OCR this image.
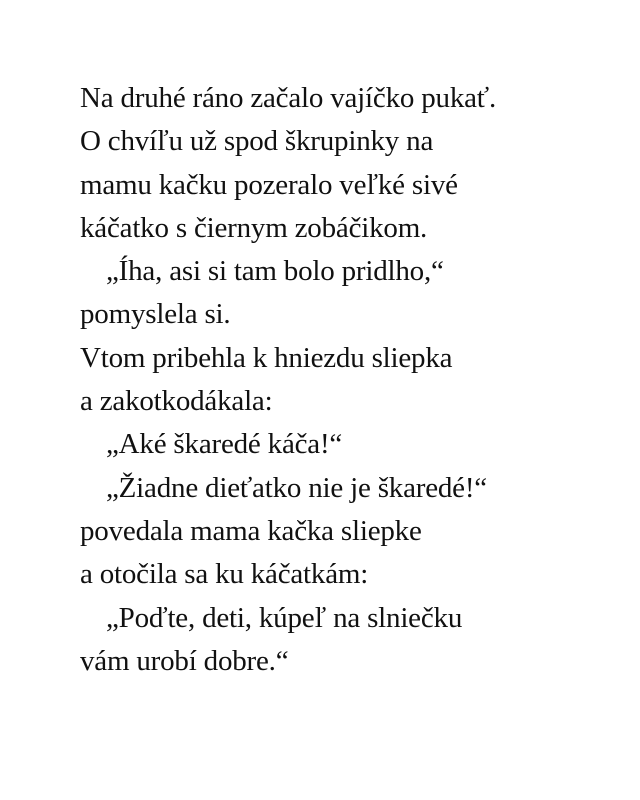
Na druhé ráno začalo vajíčko pukať.
O chvíľu už spod škrupinky na
mamu kačku pozeralo veľké sivé
káčatko s čiernym zobáčikom.
„Íha, asi si tam bolo pridlho,“
pomyslela si.
Vtom pribehla k hniezdu sliepka
a zakotkodákala:
„Aké škaredé káča!“
„Žiadne dieťatko nie je škaredé!“
povedala mama kačka sliepke
a otočila sa ku káčatkám:
„Poďte, deti, kúpeľ na slniečku
vám urobí dobre.“
